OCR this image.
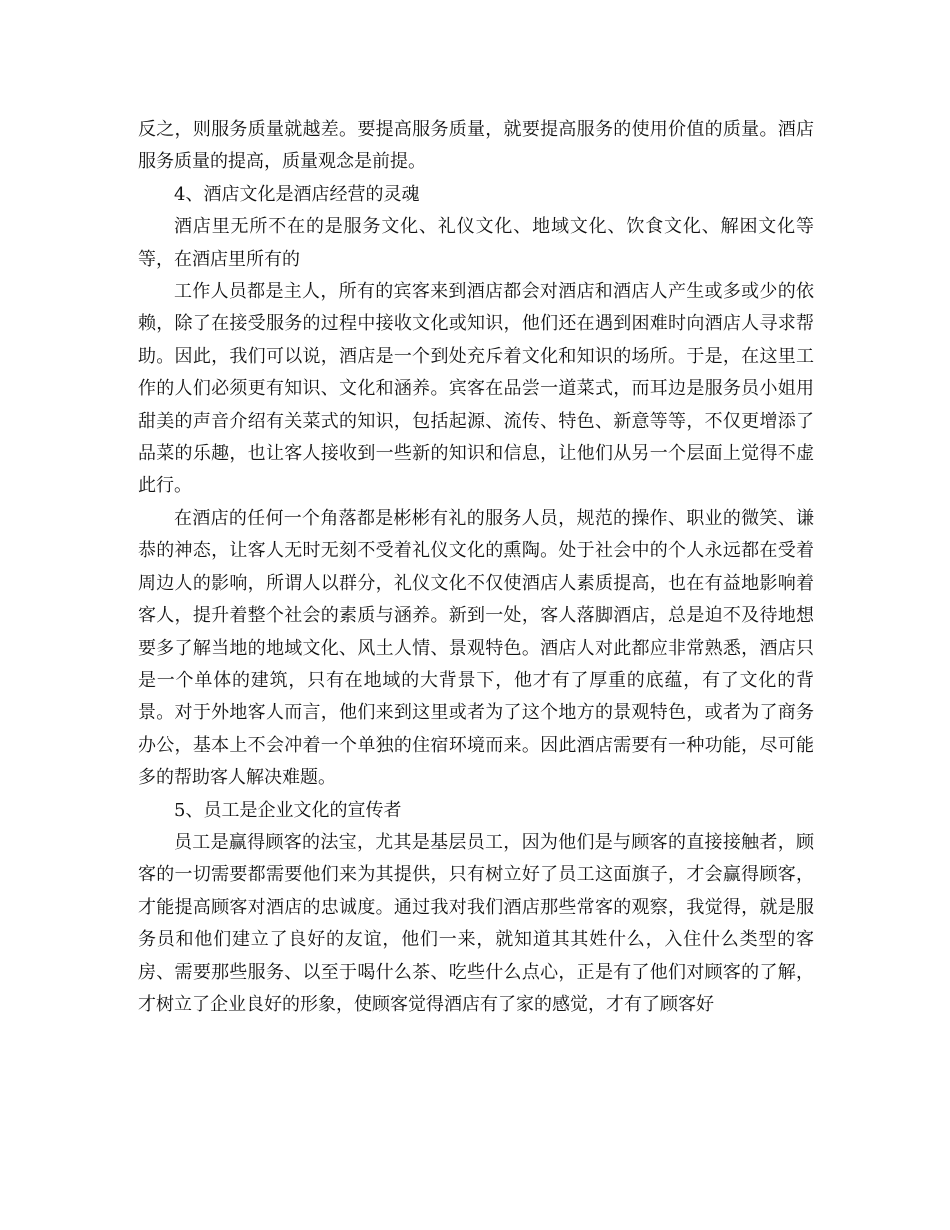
反之，则服务质量就越差。要提高服务质量，就要提高服务的使用价值的质量。酒店服务质量的提高，质量观念是前提。

4、酒店文化是酒店经营的灵魂

酒店里无所不在的是服务文化、礼仪文化、地域文化、饮食文化、解困文化等等，在酒店里所有的

工作人员都是主人，所有的宾客来到酒店都会对酒店和酒店人产生或多或少的依赖，除了在接受服务的过程中接收文化或知识，他们还在遇到困难时向酒店人寻求帮助。因此，我们可以说，酒店是一个到处充斥着文化和知识的场所。于是，在这里工作的人们必须更有知识、文化和涵养。宾客在品尝一道菜式，而耳边是服务员小姐用甜美的声音介绍有关菜式的知识，包括起源、流传、特色、新意等等，不仅更增添了品菜的乐趣，也让客人接收到一些新的知识和信息，让他们从另一个层面上觉得不虚此行。

在酒店的任何一个角落都是彬彬有礼的服务人员，规范的操作、职业的微笑、谦恭的神态，让客人无时无刻不受着礼仪文化的熏陶。处于社会中的个人永远都在受着周边人的影响，所谓人以群分，礼仪文化不仅使酒店人素质提高，也在有益地影响着客人，提升着整个社会的素质与涵养。新到一处，客人落脚酒店，总是迫不及待地想要多了解当地的地域文化、风土人情、景观特色。酒店人对此都应非常熟悉，酒店只是一个单体的建筑，只有在地域的大背景下，他才有了厚重的底蕴，有了文化的背景。对于外地客人而言，他们来到这里或者为了这个地方的景观特色，或者为了商务办公，基本上不会冲着一个单独的住宿环境而来。因此酒店需要有一种功能，尽可能多的帮助客人解决难题。

5、员工是企业文化的宣传者

员工是赢得顾客的法宝，尤其是基层员工，因为他们是与顾客的直接接触者，顾客的一切需要都需要他们来为其提供，只有树立好了员工这面旗子，才会赢得顾客，才能提高顾客对酒店的忠诚度。通过我对我们酒店那些常客的观察，我觉得，就是服务员和他们建立了良好的友谊，他们一来，就知道其其姓什么，入住什么类型的客房、需要那些服务、以至于喝什么茶、吃些什么点心，正是有了他们对顾客的了解，才树立了企业良好的形象，使顾客觉得酒店有了家的感觉，才有了顾客好
